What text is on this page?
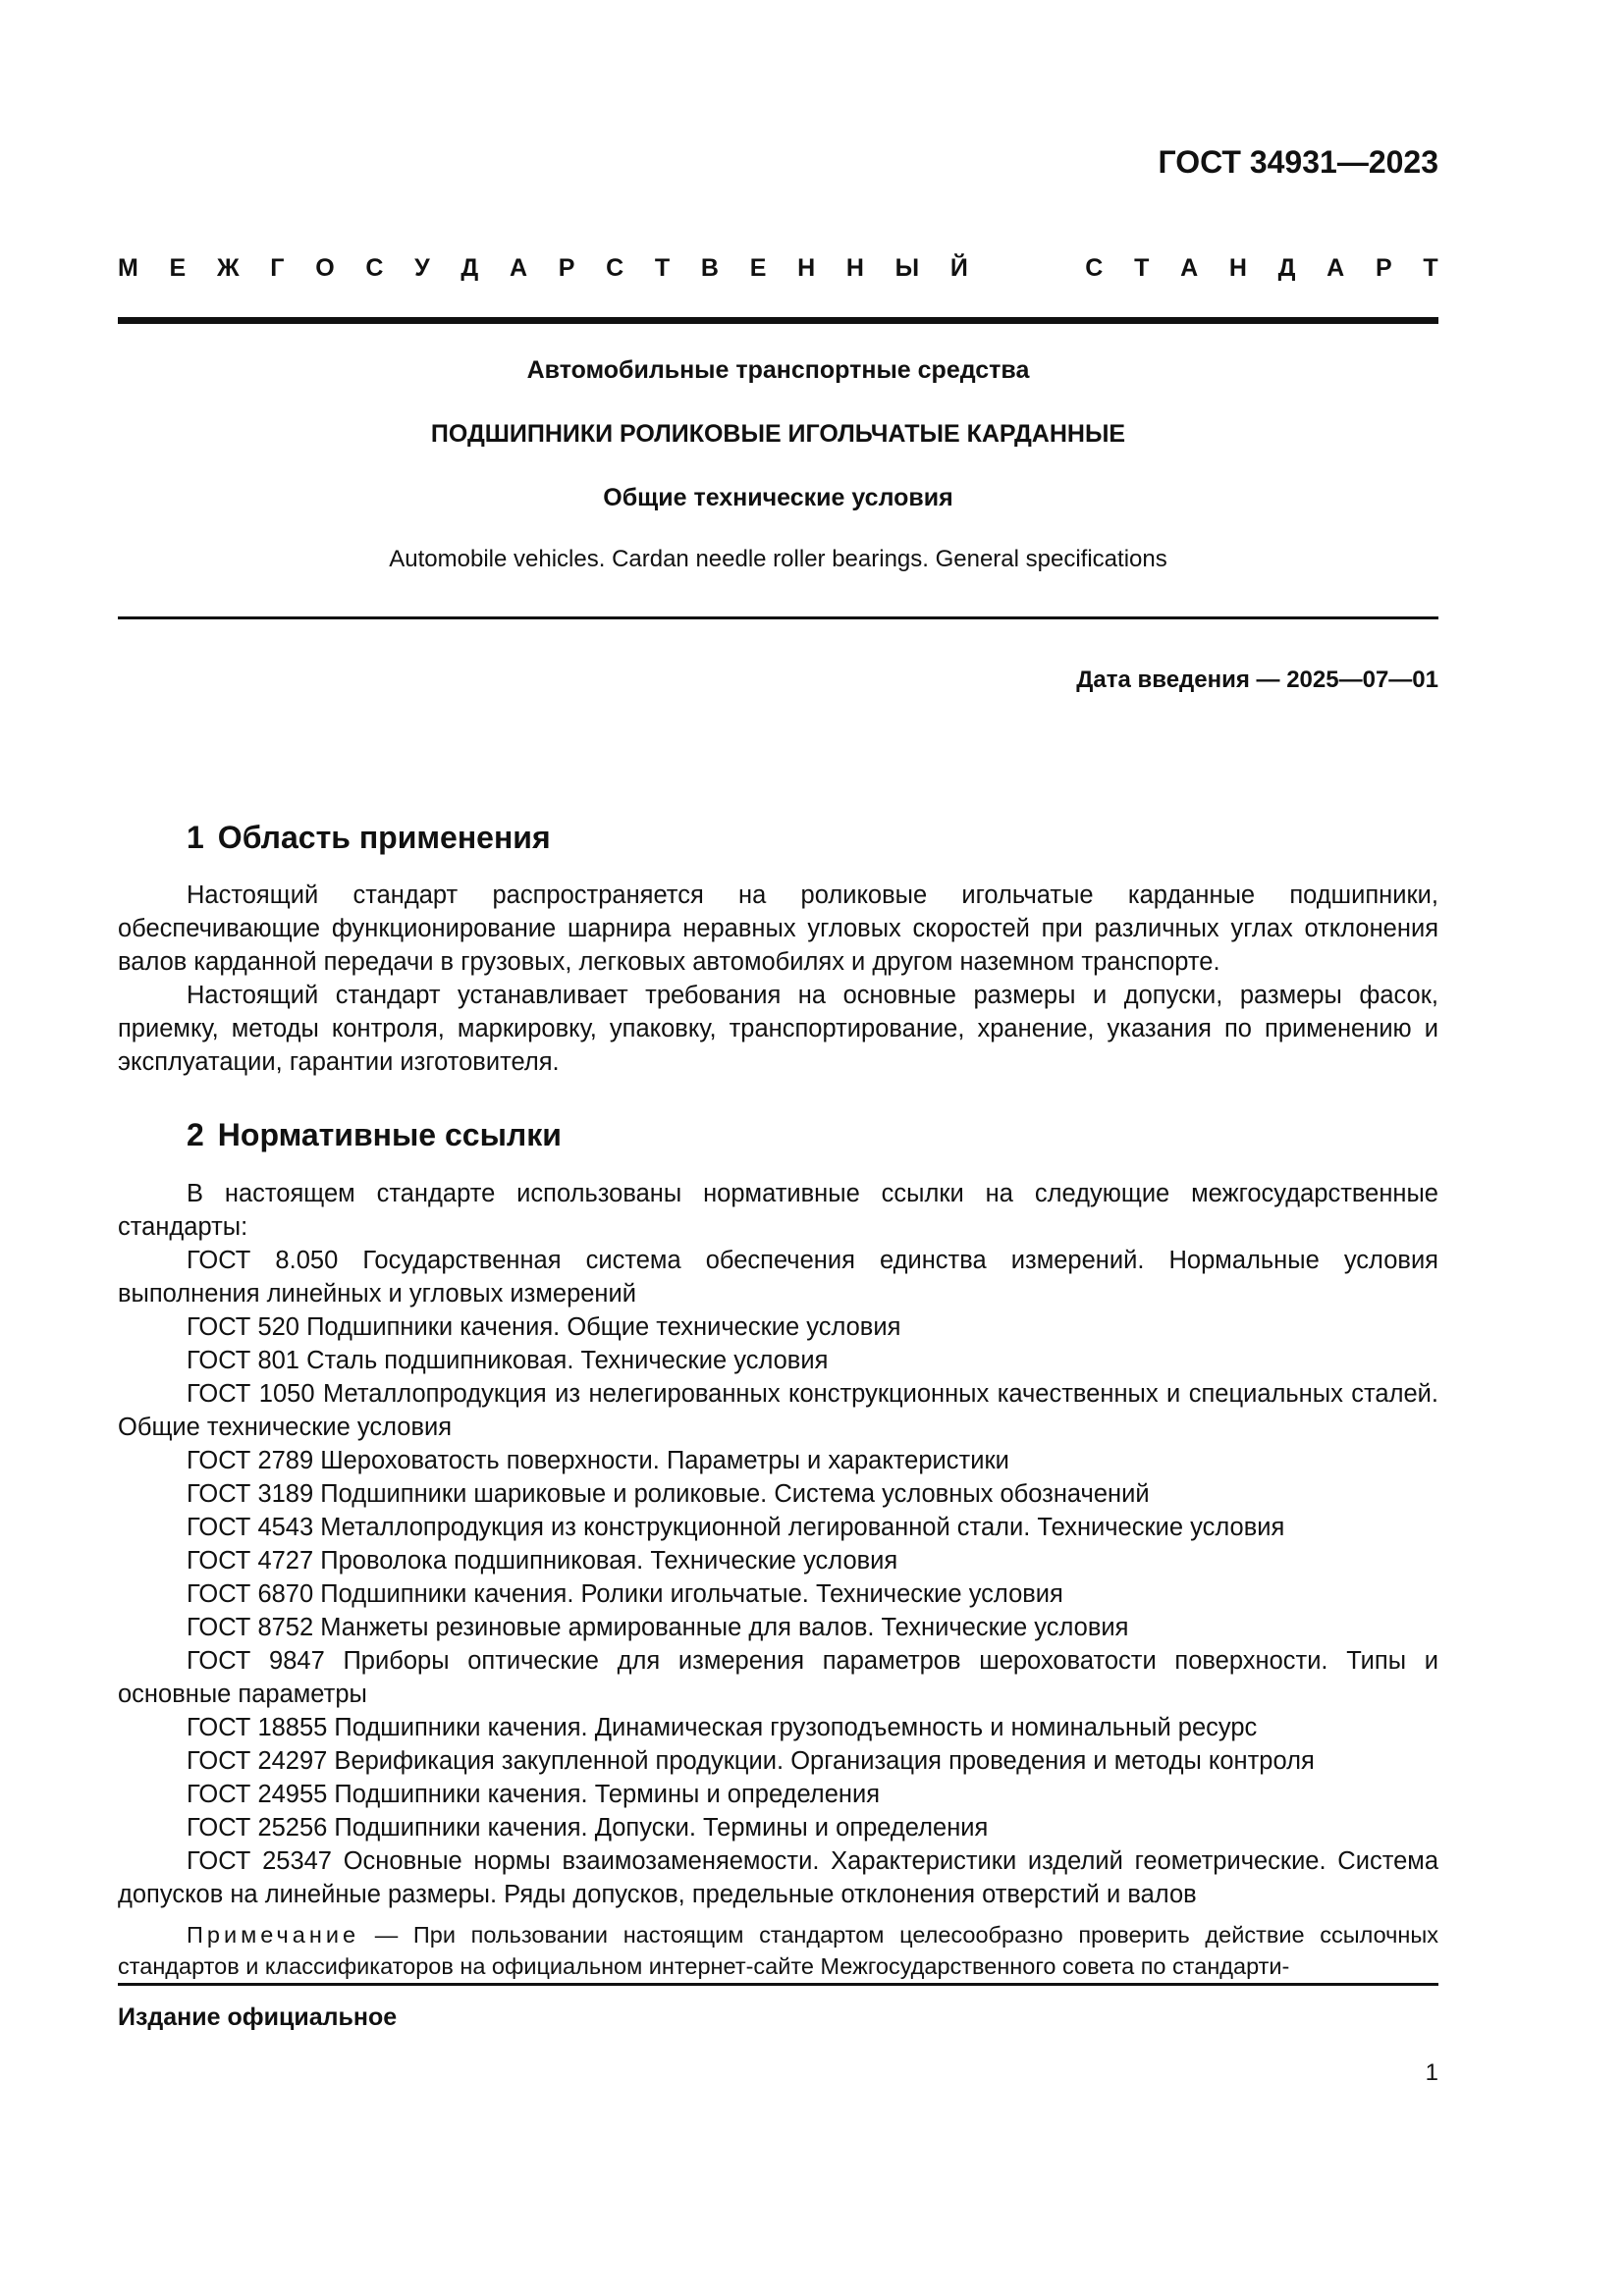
ГОСТ 34931—2023
М Е Ж Г О С У Д А Р С Т В Е Н Н Ы Й	С Т А Н Д А Р Т
Автомобильные транспортные средства
ПОДШИПНИКИ РОЛИКОВЫЕ ИГОЛЬЧАТЫЕ КАРДАННЫЕ
Общие технические условия
Automobile vehicles. Cardan needle roller bearings. General specifications
Дата введения — 2025—07—01
1 Область применения

Настоящий стандарт распространяется на роликовые игольчатые карданные подшипники, обеспечивающие функционирование шарнира неравных угловых скоростей при различных углах отклонения валов карданной передачи в грузовых, легковых автомобилях и другом наземном транспорте.

Настоящий стандарт устанавливает требования на основные размеры и допуски, размеры фасок, приемку, методы контроля, маркировку, упаковку, транспортирование, хранение, указания по применению и эксплуатации, гарантии изготовителя.

2 Нормативные ссылки

В настоящем стандарте использованы нормативные ссылки на следующие межгосударственные стандарты:

ГОСТ 8.050 Государственная система обеспечения единства измерений. Нормальные условия выполнения линейных и угловых измерений

ГОСТ 520 Подшипники качения. Общие технические условия

ГОСТ 801 Сталь подшипниковая. Технические условия

ГОСТ 1050 Металлопродукция из нелегированных конструкционных качественных и специальных сталей. Общие технические условия

ГОСТ 2789 Шероховатость поверхности. Параметры и характеристики

ГОСТ 3189 Подшипники шариковые и роликовые. Система условных обозначений

ГОСТ 4543 Металлопродукция из конструкционной легированной стали. Технические условия

ГОСТ 4727 Проволока подшипниковая. Технические условия

ГОСТ 6870 Подшипники качения. Ролики игольчатые. Технические условия

ГОСТ 8752 Манжеты резиновые армированные для валов. Технические условия

ГОСТ 9847 Приборы оптические для измерения параметров шероховатости поверхности. Типы и основные параметры

ГОСТ 18855 Подшипники качения. Динамическая грузоподъемность и номинальный ресурс

ГОСТ 24297 Верификация закупленной продукции. Организация проведения и методы контроля

ГОСТ 24955 Подшипники качения. Термины и определения

ГОСТ 25256 Подшипники качения. Допуски. Термины и определения

ГОСТ 25347 Основные нормы взаимозаменяемости. Характеристики изделий геометрические. Система допусков на линейные размеры. Ряды допусков, предельные отклонения отверстий и валов

Примечание — При пользовании настоящим стандартом целесообразно проверить действие ссылочных стандартов и классификаторов на официальном интернет-сайте Межгосударственного совета по стандарти-

Издание официальное
1
